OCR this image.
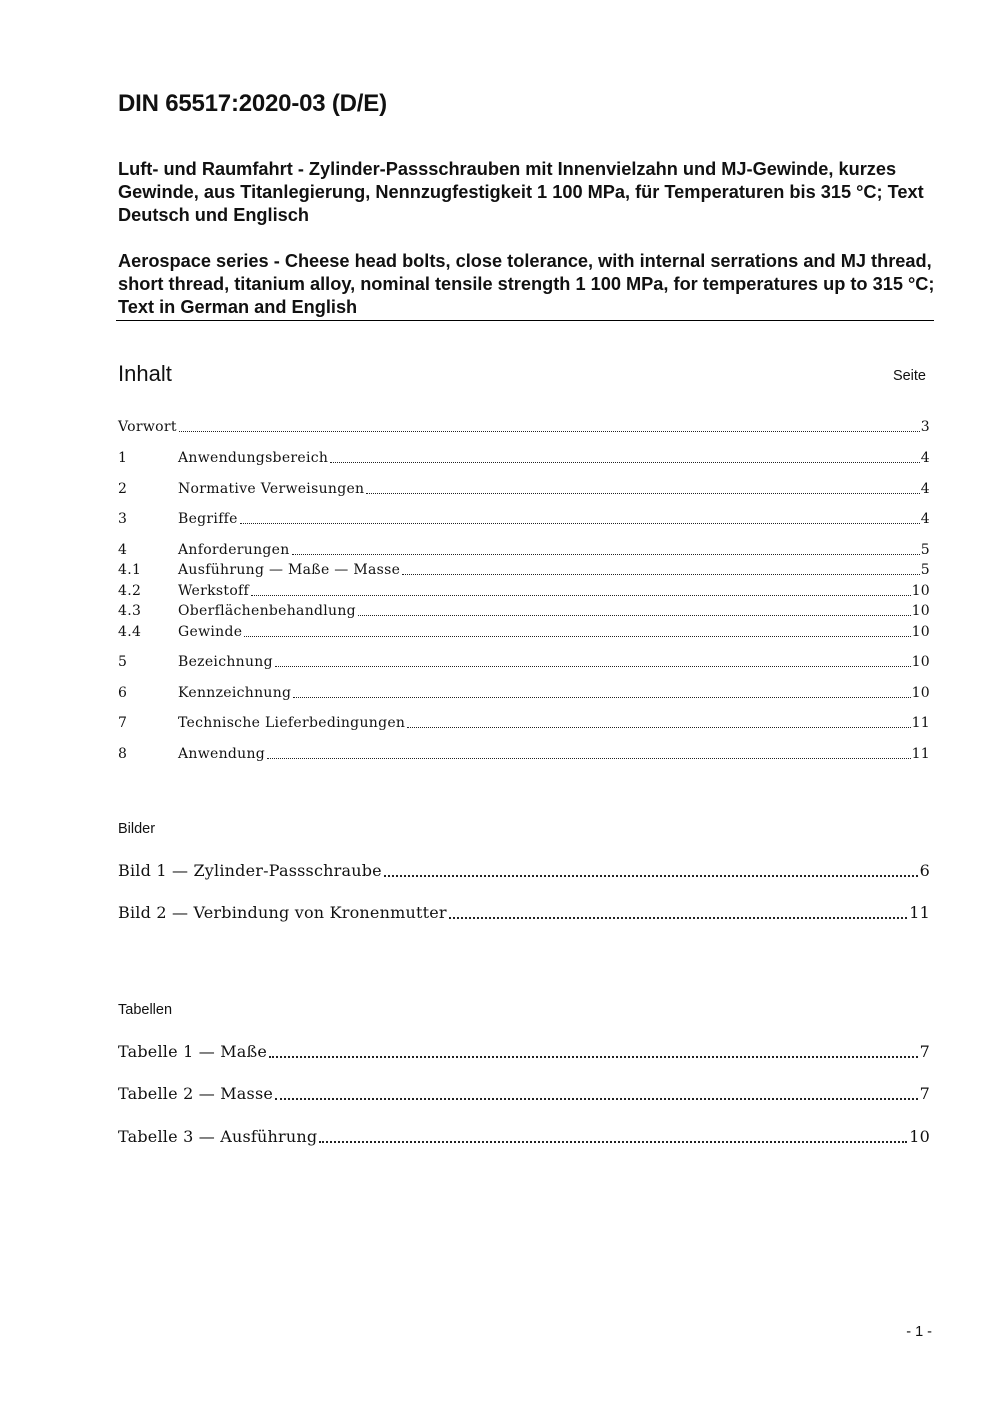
DIN 65517:2020-03 (D/E)
Luft- und Raumfahrt - Zylinder-Passschrauben mit Innenvielzahn und MJ-Gewinde, kurzes Gewinde, aus Titanlegierung, Nennzugfestigkeit 1 100 MPa, für Temperaturen bis 315 °C; Text Deutsch und Englisch
Aerospace series - Cheese head bolts, close tolerance, with internal serrations and MJ thread, short thread, titanium alloy, nominal tensile strength 1 100 MPa, for temperatures up to 315 °C; Text in German and English
Inhalt	Seite
Vorwort	3
1	Anwendungsbereich	4
2	Normative Verweisungen	4
3	Begriffe	4
4	Anforderungen	5
4.1	Ausführung — Maße — Masse	5
4.2	Werkstoff	10
4.3	Oberflächenbehandlung	10
4.4	Gewinde	10
5	Bezeichnung	10
6	Kennzeichnung	10
7	Technische Lieferbedingungen	11
8	Anwendung	11
Bilder
Bild 1 — Zylinder-Passschraube	6
Bild 2 — Verbindung von Kronenmutter	11
Tabellen
Tabelle 1 — Maße	7
Tabelle 2 — Masse	7
Tabelle 3 — Ausführung	10
- 1 -
